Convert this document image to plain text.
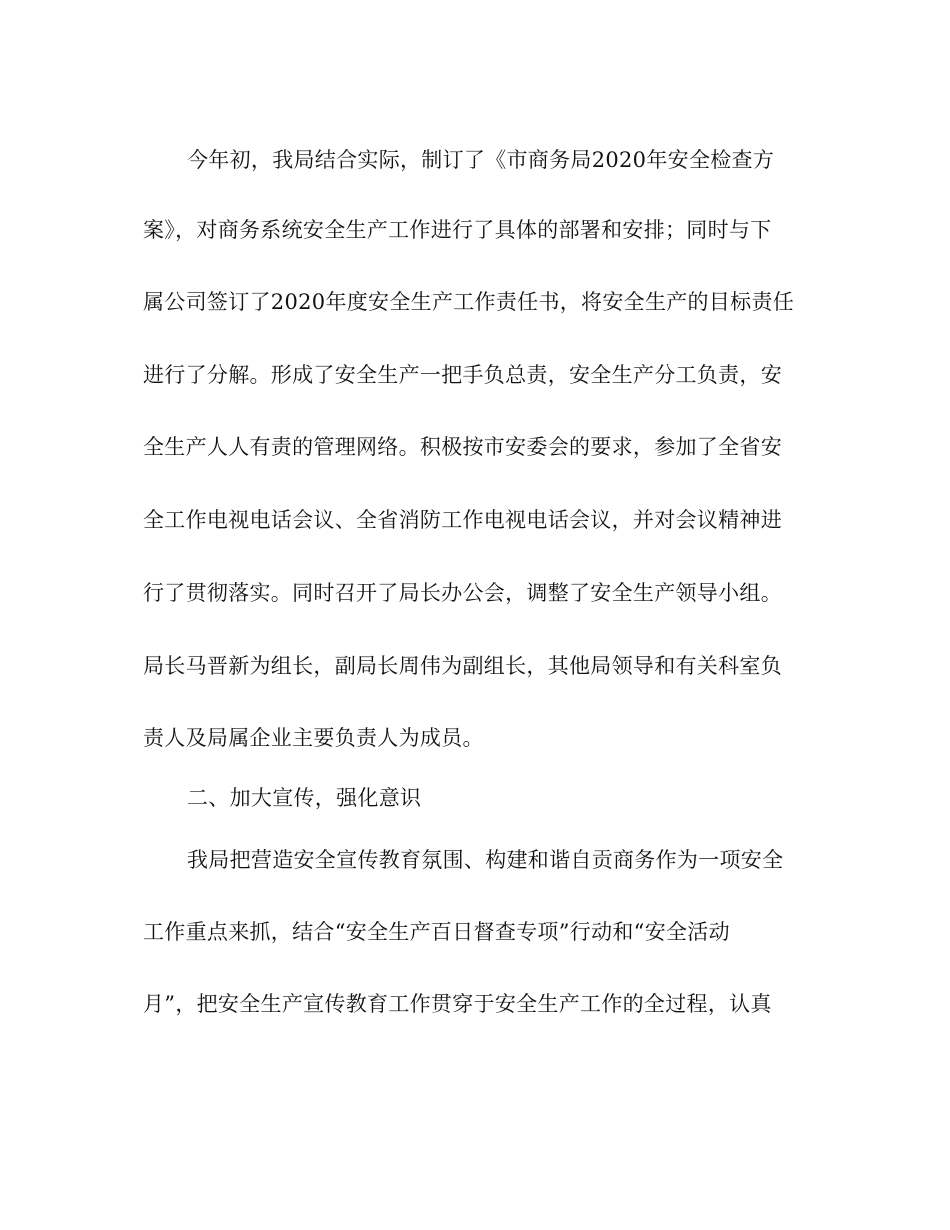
今年初，我局结合实际，制订了《市商务局2020年安全检查方
案》，对商务系统安全生产工作进行了具体的部署和安排；同时与下
属公司签订了2020年度安全生产工作责任书，将安全生产的目标责任
进行了分解。形成了安全生产一把手负总责，安全生产分工负责，安
全生产人人有责的管理网络。积极按市安委会的要求，参加了全省安
全工作电视电话会议、全省消防工作电视电话会议，并对会议精神进
行了贯彻落实。同时召开了局长办公会，调整了安全生产领导小组。
局长马晋新为组长，副局长周伟为副组长，其他局领导和有关科室负
责人及局属企业主要负责人为成员。
二、加大宣传，强化意识
我局把营造安全宣传教育氛围、构建和谐自贡商务作为一项安全
工作重点来抓，结合“安全生产百日督查专项”行动和“安全活动
月”，把安全生产宣传教育工作贯穿于安全生产工作的全过程，认真
